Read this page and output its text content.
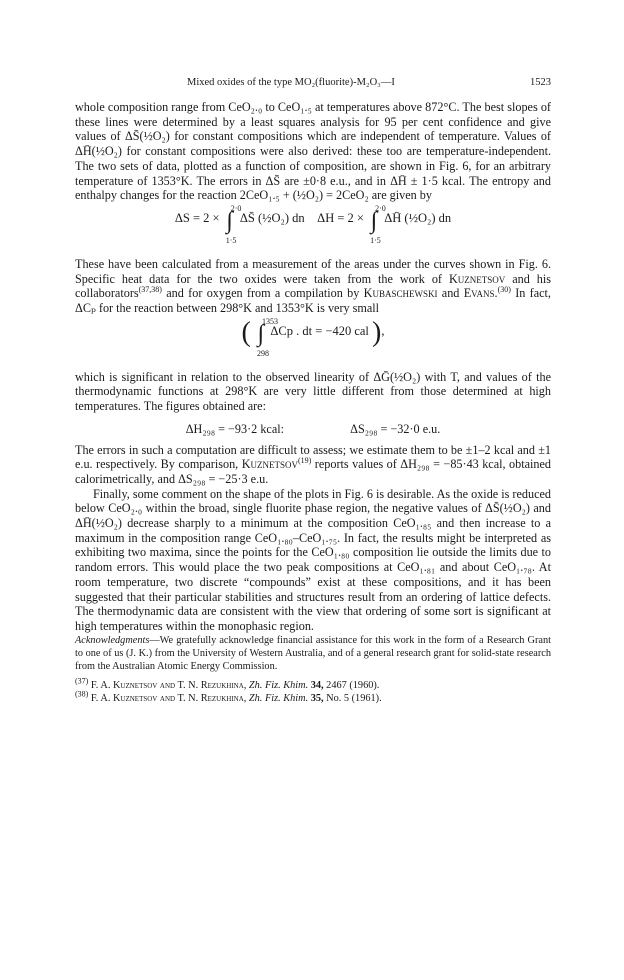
Mixed oxides of the type MO₂(fluorite)-M₂O₃—I	1523

whole composition range from CeO₂.₀ to CeO₁.₅ at temperatures above 872°C. The best slopes of these lines were determined by a least squares analysis for 95 per cent confidence and give values of ΔS̄(½O₂) for constant compositions which are independent of temperature. Values of ΔH̄(½O₂) for constant compositions were also derived: these too are temperature-independent. The two sets of data, plotted as a function of composition, are shown in Fig. 6, for an arbitrary temperature of 1353°K. The errors in ΔS̄ are ±0·8 e.u., and in ΔH̄ ± 1·5 kcal. The entropy and enthalpy changes for the reaction 2CeO₁.₅ + (½O₂) = 2CeO₂ are given by

ΔS = 2 × ∫
2·0
1·5
ΔS̄ (½O₂) dn ΔH = 2 × ∫
2·0
1·5
ΔH̄ (½O₂) dn

These have been calculated from a measurement of the areas under the curves shown in Fig. 6. Specific heat data for the two oxides were taken from the work of Kuznetsov and his collaborators$^{(37,38)}$ and for oxygen from a compilation by Kubaschewski and Evans.$^{(30)}$ In fact, ΔCₚ for the reaction between 298°K and 1353°K is very small

( ∫
1353
298
ΔCp . dt = −420 cal ),

which is significant in relation to the observed linearity of ΔḠ(½O₂) with T, and values of the thermodynamic functions at 298°K are very little different from those determined at high temperatures. The figures obtained are:

ΔH₂₉₈ = −93·2 kcal:	ΔS₂₉₈ = −32·0 e.u.

The errors in such a computation are difficult to assess; we estimate them to be ±1–2 kcal and ±1 e.u. respectively. By comparison, Kuznetsov$^{(19)}$ reports values of ΔH₂₉₈ = −85·43 kcal, obtained calorimetrically, and ΔS₂₉₈ = −25·3 e.u.

Finally, some comment on the shape of the plots in Fig. 6 is desirable. As the oxide is reduced below CeO₂.₀ within the broad, single fluorite phase region, the negative values of ΔS̄(½O₂) and ΔH̄(½O₂) decrease sharply to a minimum at the composition CeO₁.₈₅ and then increase to a maximum in the composition range CeO₁.₈₀–CeO₁.₇₅. In fact, the results might be interpreted as exhibiting two maxima, since the points for the CeO₁.₈₀ composition lie outside the limits due to random errors. This would place the two peak compositions at CeO₁.₈₁ and about CeO₁.₇₈. At room temperature, two discrete “compounds” exist at these compositions, and it has been suggested that their particular stabilities and structures result from an ordering of lattice defects. The thermodynamic data are consistent with the view that ordering of some sort is significant at high temperatures within the monophasic region.

Acknowledgments—We gratefully acknowledge financial assistance for this work in the form of a Research Grant to one of us (J. K.) from the University of Western Australia, and of a general research grant for solid-state research from the Australian Atomic Energy Commission.

$^{(37)}$ F. A. Kuznetsov and T. N. Rezukhina, Zh. Fiz. Khim. 34, 2467 (1960).
$^{(38)}$ F. A. Kuznetsov and T. N. Rezukhina, Zh. Fiz. Khim. 35, No. 5 (1961).
